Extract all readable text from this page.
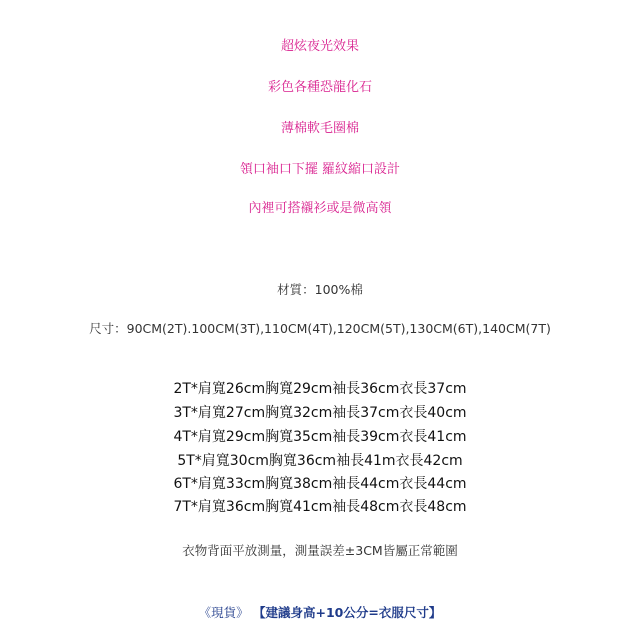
超炫夜光效果
彩色各種恐龍化石
薄棉軟毛圈棉
領口袖口下擺 羅紋縮口設計
內裡可搭襯衫或是微高領
材質：100%棉
尺寸：90CM(2T).100CM(3T),110CM(4T),120CM(5T),130CM(6T),140CM(7T)
2T*肩寬26cm胸寬29cm袖長36cm衣長37cm
3T*肩寬27cm胸寬32cm袖長37cm衣長40cm
4T*肩寬29cm胸寬35cm袖長39cm衣長41cm
5T*肩寬30cm胸寬36cm袖長41m衣長42cm
6T*肩寬33cm胸寬38cm袖長44cm衣長44cm
7T*肩寬36cm胸寬41cm袖長48cm衣長48cm
衣物背面平放測量，測量誤差±3CM皆屬正常範圍
《現貨》 【建議身高+10公分=衣服尺寸】
